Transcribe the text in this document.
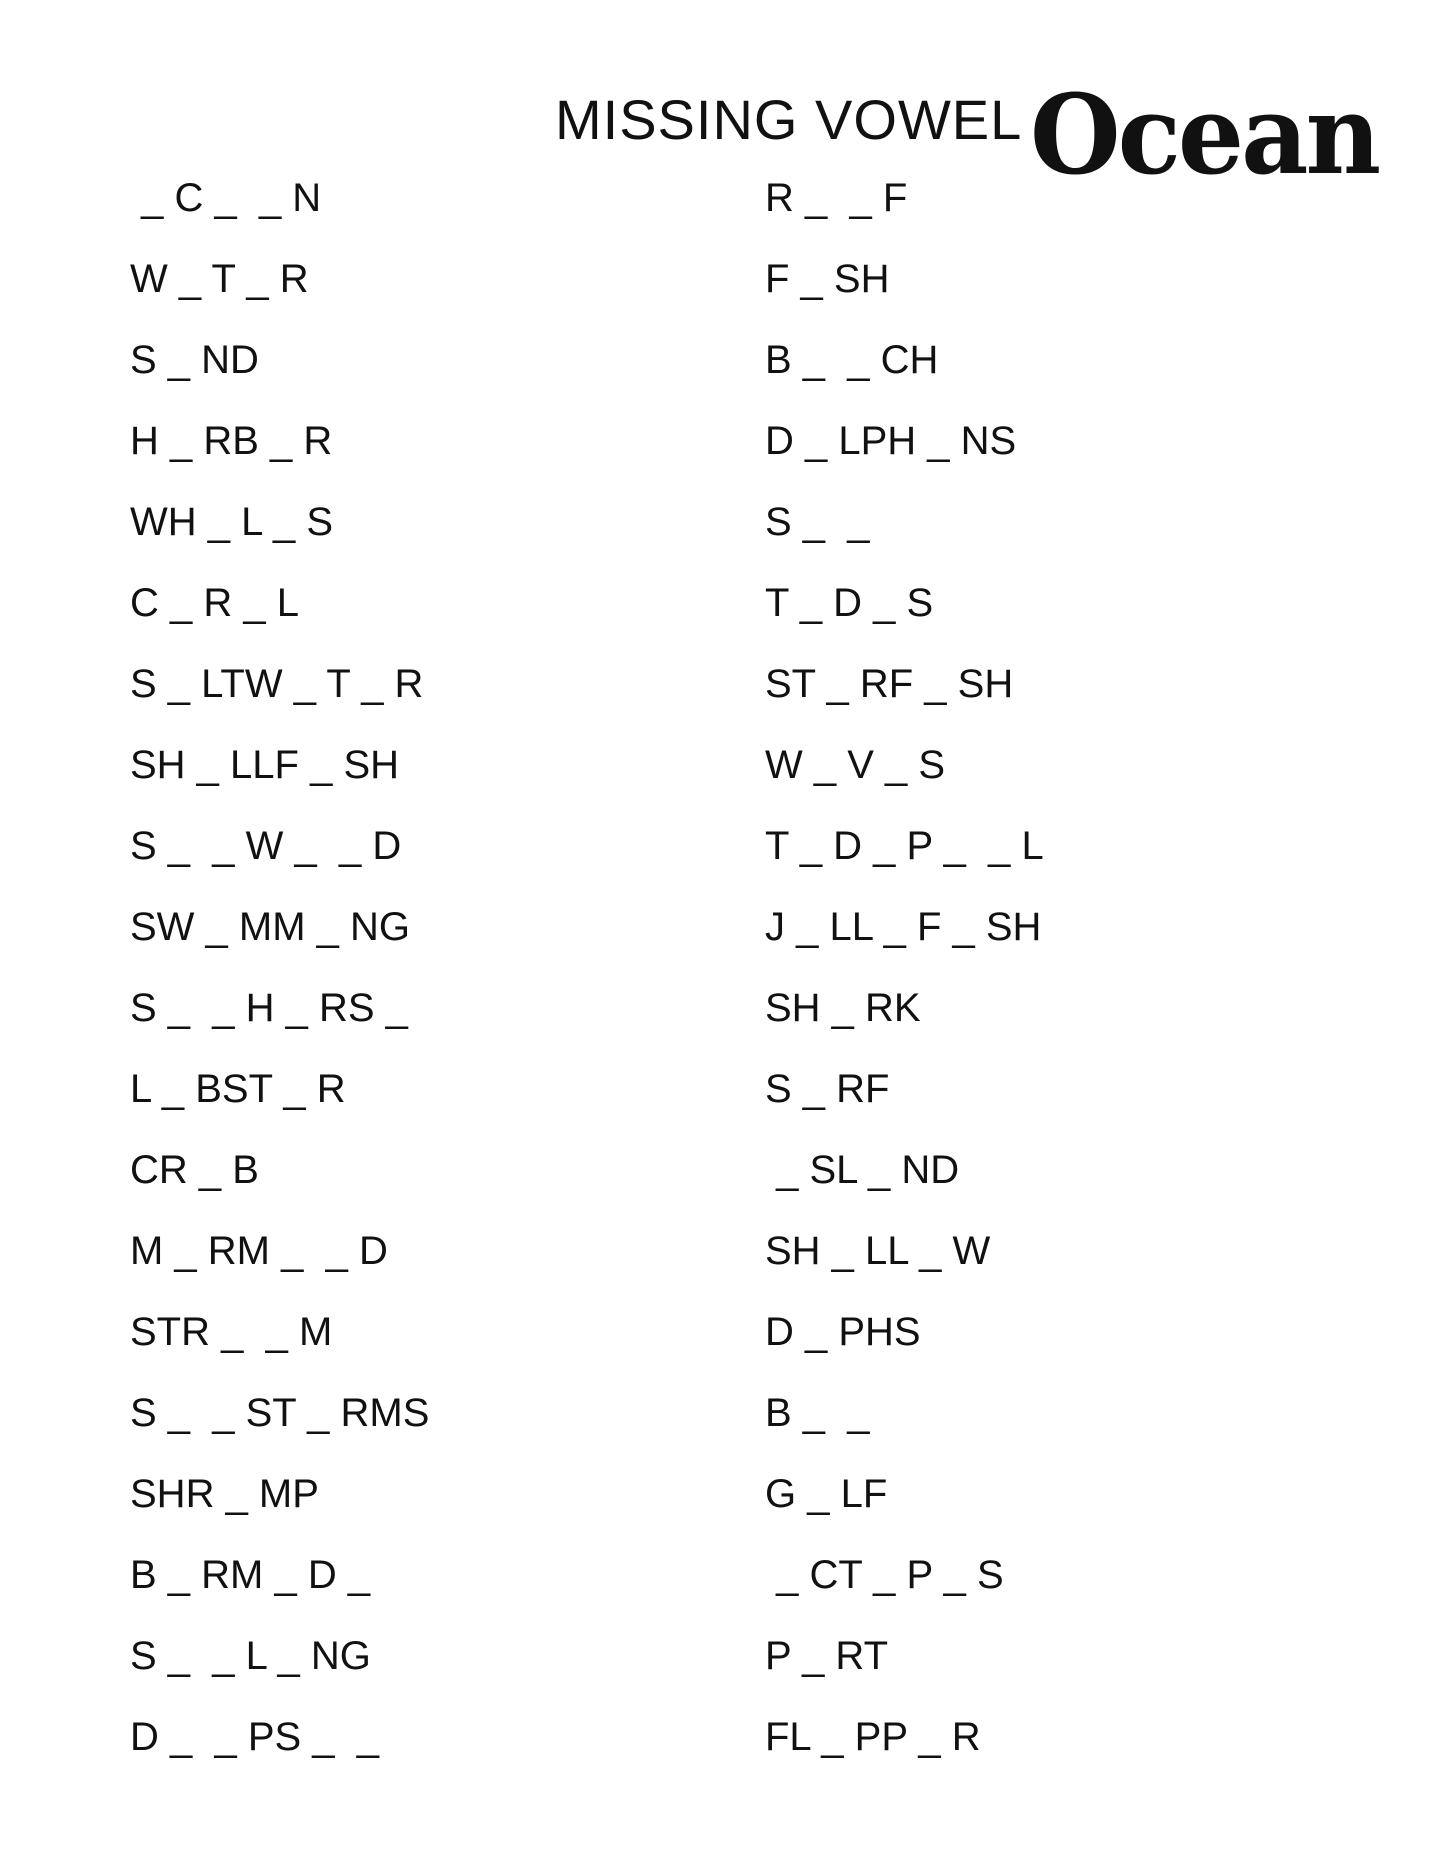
MISSING VOWEL Ocean
_ C _  _ N
W _ T _ R
S _ ND
H _ RB _ R
WH _ L _ S
C _ R _ L
S _ LTW _ T _ R
SH _ LLF _ SH
S _  _ W _  _ D
SW _ MM _ NG
S _  _ H _ RS _
L _ BST _ R
CR _ B
M _ RM _  _ D
STR _  _ M
S _  _ ST _ RMS
SHR _ MP
B _ RM _ D _
S _  _ L _ NG
D _  _ PS _  _
R _  _ F
F _ SH
B _  _ CH
D _ LPH _ NS
S _  _
T _ D _ S
ST _ RF _ SH
W _ V _ S
T _ D _ P _  _ L
J _ LL _ F _ SH
SH _ RK
S _ RF
_ SL _ ND
SH _ LL _ W
D _ PHS
B _  _
G _ LF
_ CT _ P _ S
P _ RT
FL _ PP _ R
